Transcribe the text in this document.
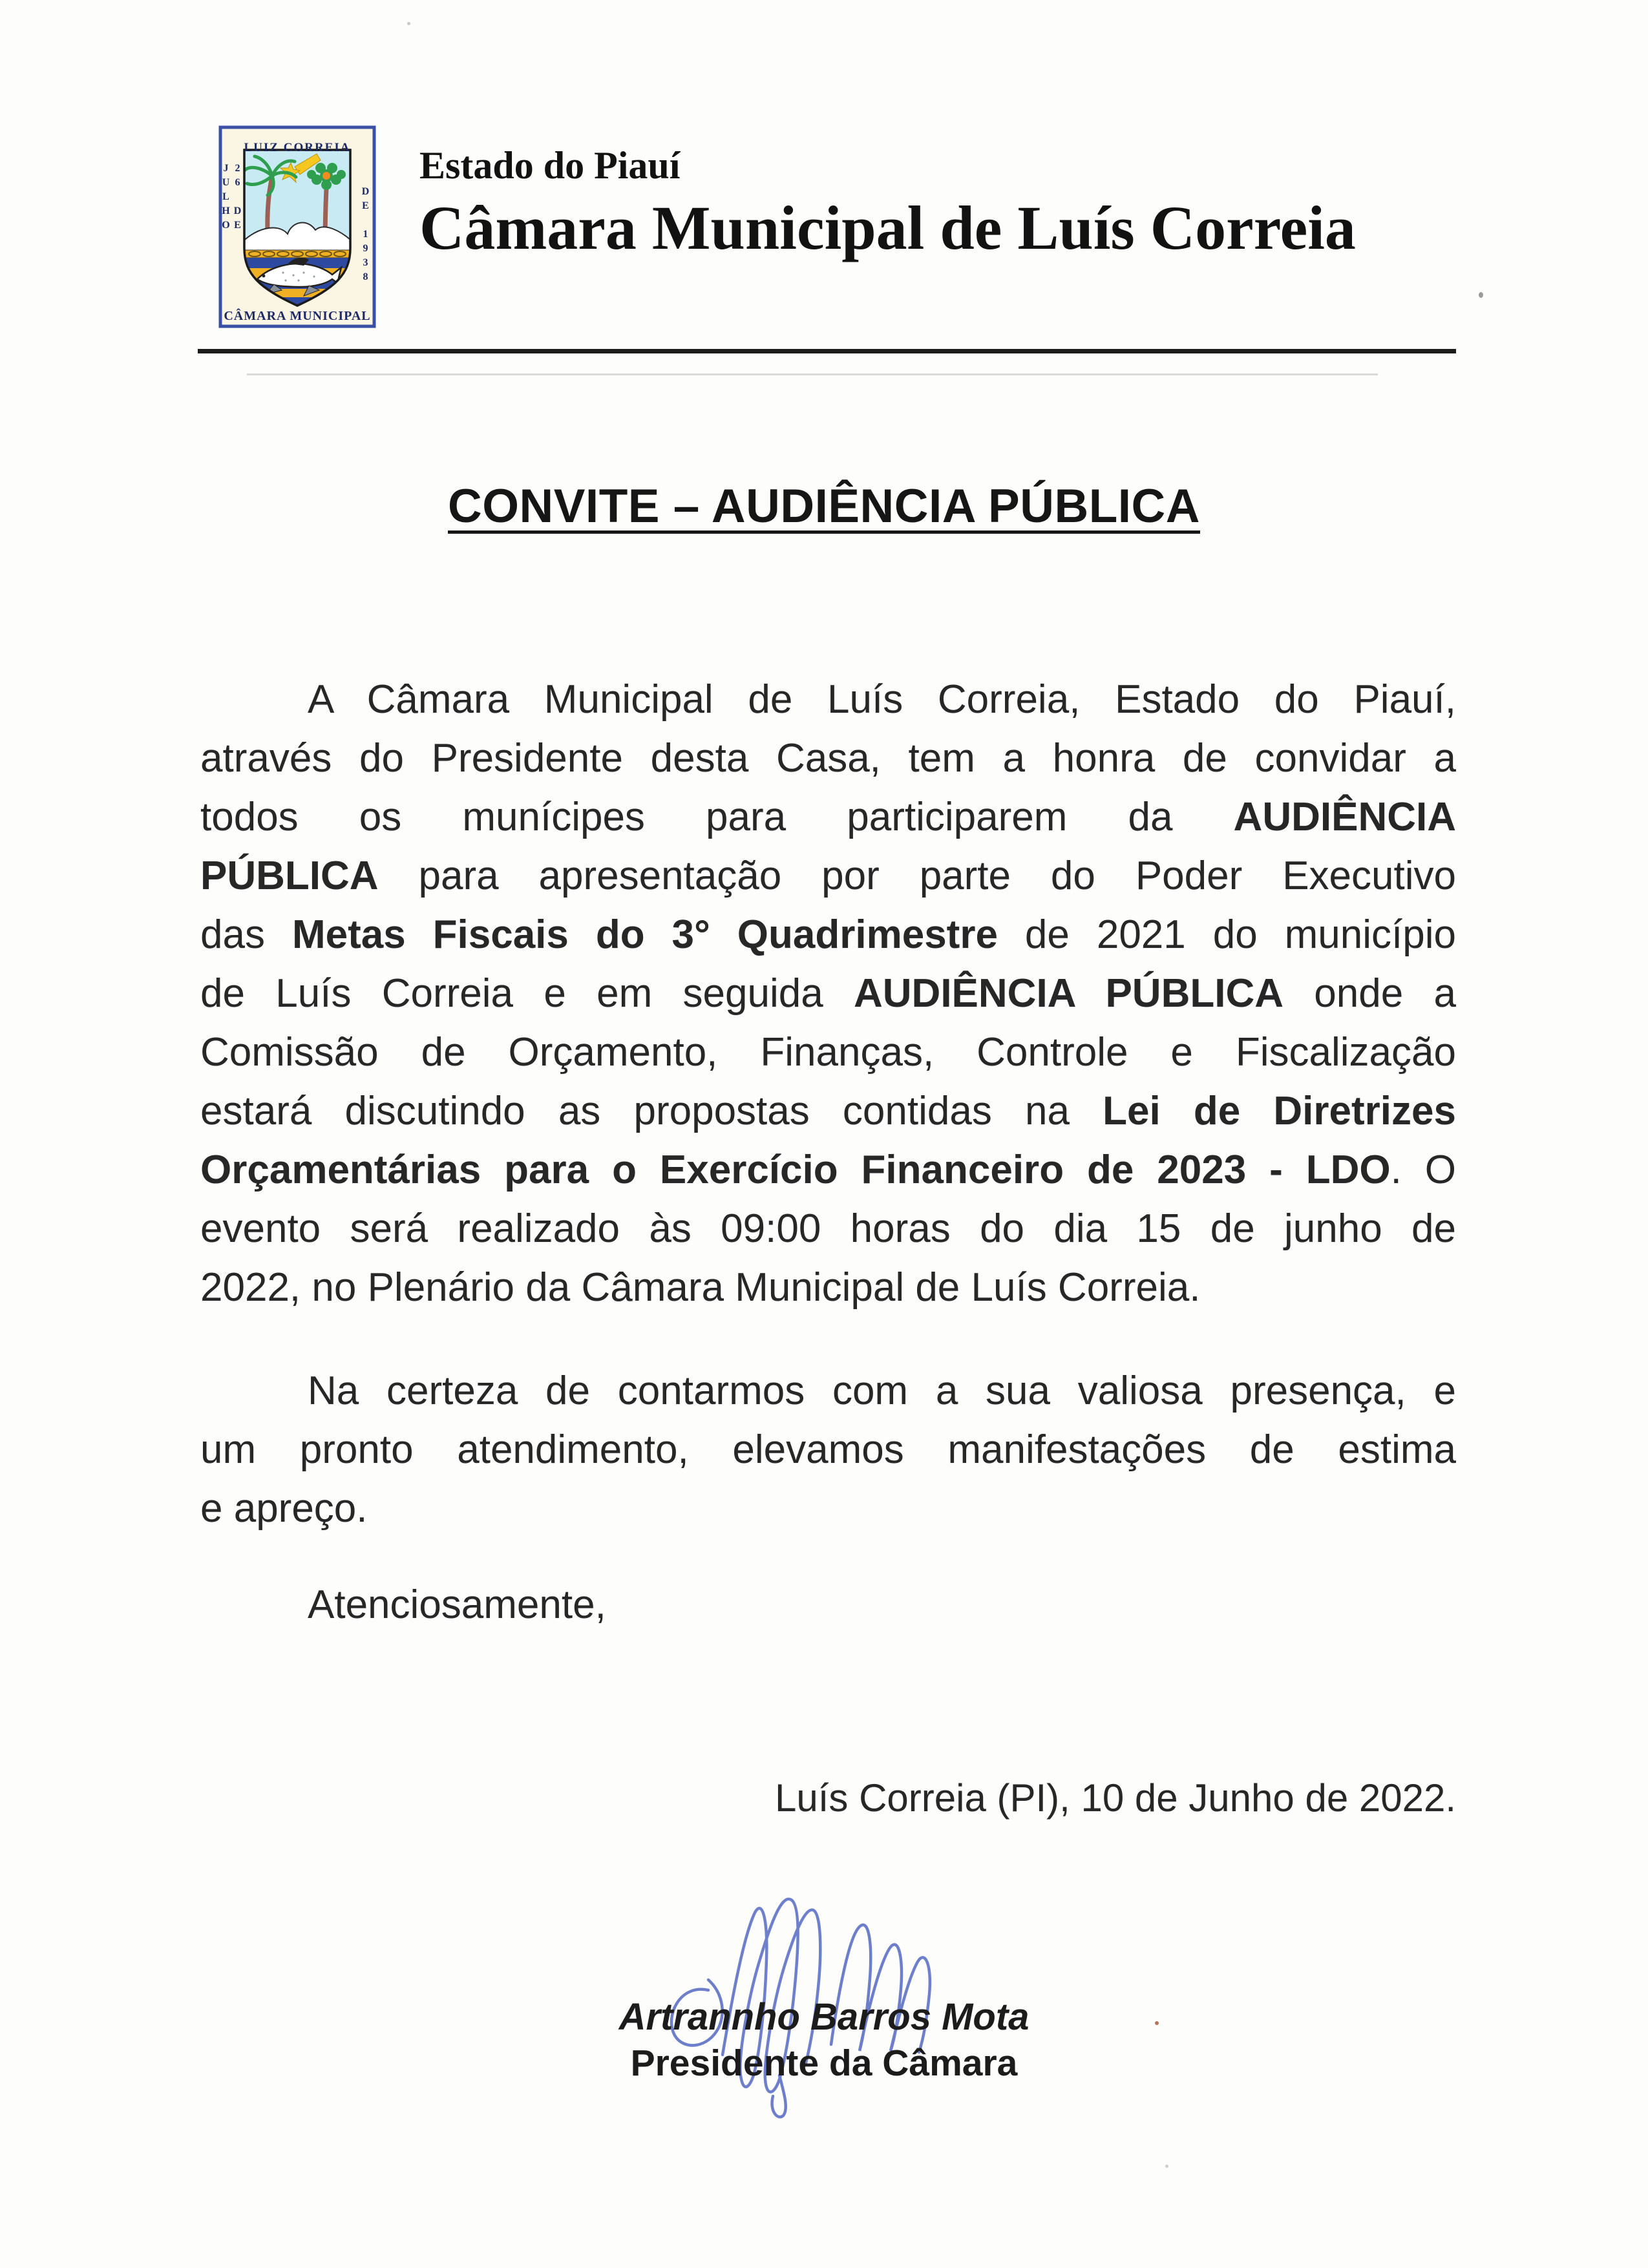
LUIZ CORREIA
26 DE JULHO	DE 1938
CÂMARA MUNICIPAL
Estado do Piauí
Câmara Municipal de Luís Correia
CONVITE – AUDIÊNCIA PÚBLICA
A Câmara Municipal de Luís Correia, Estado do Piauí,
através do Presidente desta Casa, tem a honra de convidar a
todos os munícipes para participarem da AUDIÊNCIA
PÚBLICA para apresentação por parte do Poder Executivo
das Metas Fiscais do 3° Quadrimestre de 2021 do município
de Luís Correia e em seguida AUDIÊNCIA PÚBLICA onde a
Comissão de Orçamento, Finanças, Controle e Fiscalização
estará discutindo as propostas contidas na Lei de Diretrizes
Orçamentárias para o Exercício Financeiro de 2023 - LDO. O
evento será realizado às 09:00 horas do dia 15 de junho de
2022, no Plenário da Câmara Municipal de Luís Correia.
Na certeza de contarmos com a sua valiosa presença, e
um pronto atendimento, elevamos manifestações de estima
e apreço.
Atenciosamente,
Luís Correia (PI), 10 de Junho de 2022.
Artrannho Barros Mota
Presidente da Câmara
